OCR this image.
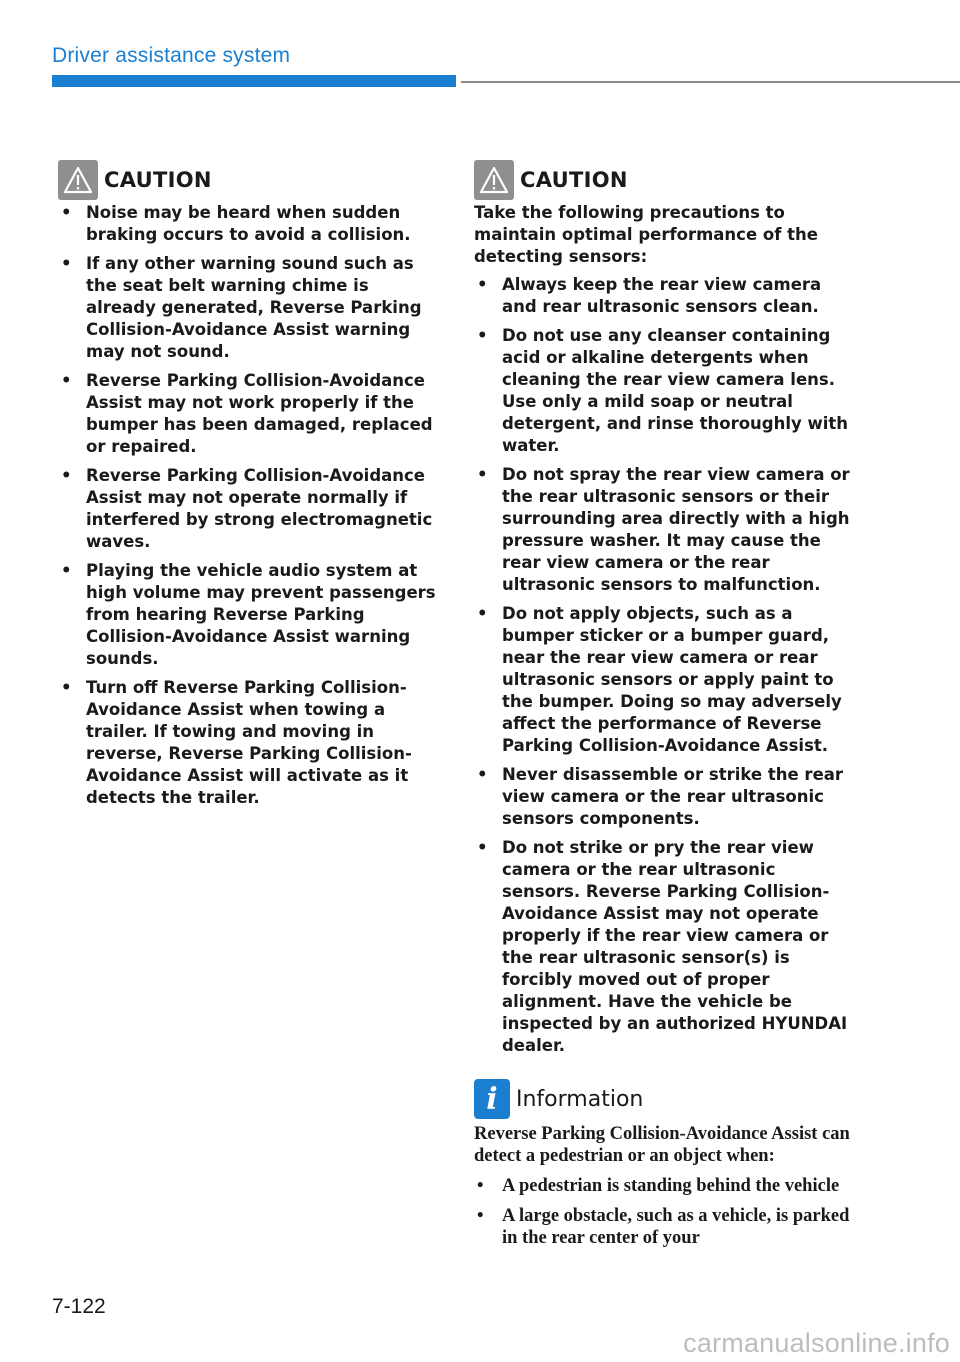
Driver assistance system
CAUTION
• Noise may be heard when sudden braking occurs to avoid a collision.
• If any other warning sound such as the seat belt warning chime is already generated, Reverse Parking Collision-Avoidance Assist warning may not sound.
• Reverse Parking Collision-Avoidance Assist may not work properly if the bumper has been damaged, replaced or repaired.
• Reverse Parking Collision-Avoidance Assist may not operate normally if interfered by strong electromagnetic waves.
• Playing the vehicle audio system at high volume may prevent passengers from hearing Reverse Parking Collision-Avoidance Assist warning sounds.
• Turn off Reverse Parking Collision-Avoidance Assist when towing a trailer. If towing and moving in reverse, Reverse Parking Collision-Avoidance Assist will activate as it detects the trailer.
CAUTION

Take the following precautions to maintain optimal performance of the detecting sensors:

• Always keep the rear view camera and rear ultrasonic sensors clean.
• Do not use any cleanser containing acid or alkaline detergents when cleaning the rear view camera lens. Use only a mild soap or neutral detergent, and rinse thoroughly with water.
• Do not spray the rear view camera or the rear ultrasonic sensors or their surrounding area directly with a high pressure washer. It may cause the rear view camera or the rear ultrasonic sensors to malfunction.
• Do not apply objects, such as a bumper sticker or a bumper guard, near the rear view camera or rear ultrasonic sensors or apply paint to the bumper. Doing so may adversely affect the performance of Reverse Parking Collision-Avoidance Assist.
• Never disassemble or strike the rear view camera or the rear ultrasonic sensors components.
• Do not strike or pry the rear view camera or the rear ultrasonic sensors. Reverse Parking Collision-Avoidance Assist may not operate properly if the rear view camera or the rear ultrasonic sensor(s) is forcibly moved out of proper alignment. Have the vehicle be inspected by an authorized HYUNDAI dealer.
i Information

Reverse Parking Collision-Avoidance Assist can detect a pedestrian or an object when:

• A pedestrian is standing behind the vehicle
• A large obstacle, such as a vehicle, is parked in the rear center of your
7-122
carmanualsonline.info
